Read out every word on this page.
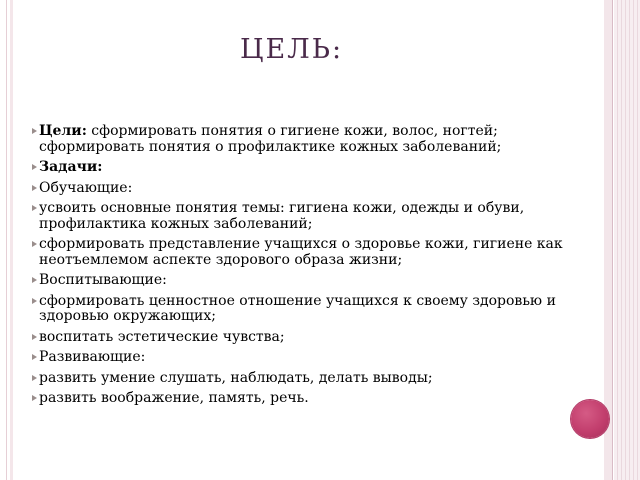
ЦЕЛЬ:
Цели: сформировать понятия о гигиене кожи, волос, ногтей; сформировать понятия о профилактике кожных заболеваний;
Задачи:
Обучающие:
усвоить основные понятия темы: гигиена кожи, одежды и обуви, профилактика кожных заболеваний;
сформировать представление учащихся о здоровье кожи, гигиене как неотъемлемом аспекте здорового образа жизни;
Воспитывающие:
сформировать ценностное отношение учащихся к своему здоровью и здоровью окружающих;
воспитать эстетические чувства;
Развивающие:
развить умение слушать, наблюдать, делать выводы;
развить воображение, память, речь.
